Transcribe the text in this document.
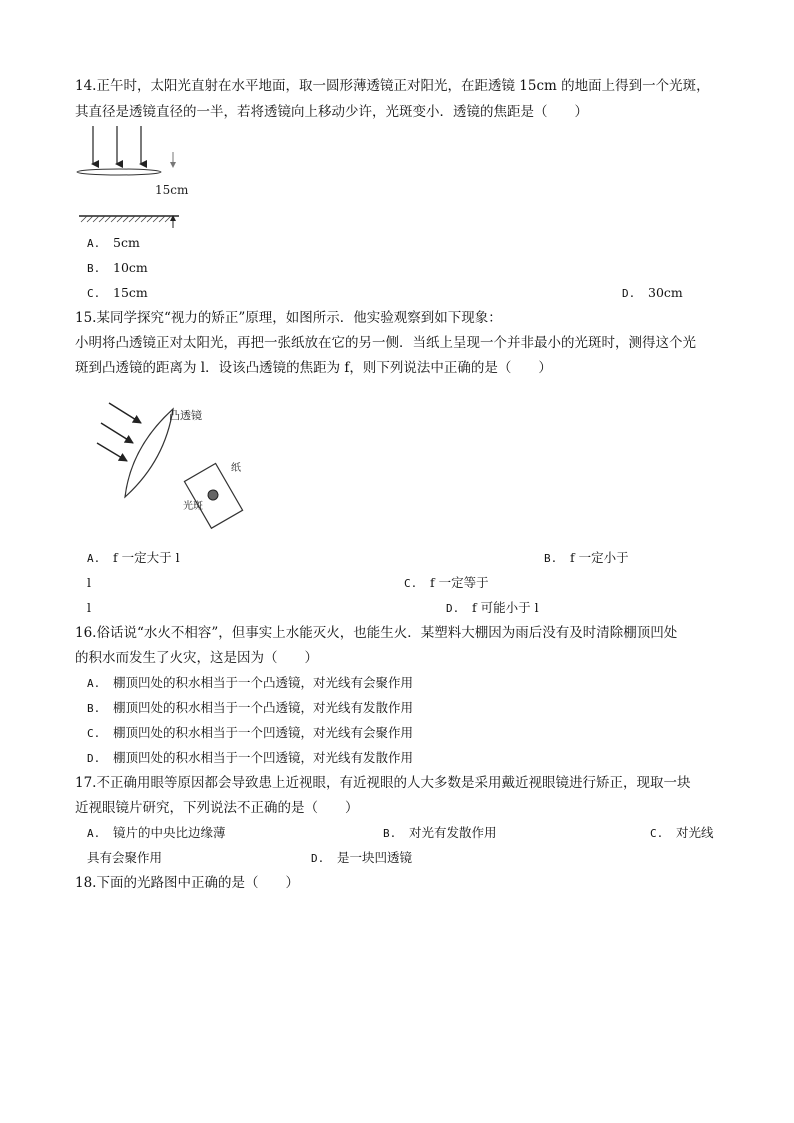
14.正午时，太阳光直射在水平地面，取一圆形薄透镜正对阳光，在距透镜 15cm 的地面上得到一个光斑，
其直径是透镜直径的一半，若将透镜向上移动少许，光斑变小．透镜的焦距是（　　）
15cm
A. 5cm
B. 10cm
C. 15cm	D. 30cm
15.某同学探究“视力的矫正”原理，如图所示．他实验观察到如下现象：
小明将凸透镜正对太阳光，再把一张纸放在它的另一侧．当纸上呈现一个并非最小的光斑时，测得这个光
斑到凸透镜的距离为 l．设该凸透镜的焦距为 f，则下列说法中正确的是（　　）
凸透镜
纸
光斑
A. f 一定大于 l	B. f 一定小于
l	C. f 一定等于
l	D. f 可能小于 l
16.俗话说“水火不相容”，但事实上水能灭火，也能生火．某塑料大棚因为雨后没有及时清除棚顶凹处
的积水而发生了火灾，这是因为（　　）
A. 棚顶凹处的积水相当于一个凸透镜，对光线有会聚作用
B. 棚顶凹处的积水相当于一个凸透镜，对光线有发散作用
C. 棚顶凹处的积水相当于一个凹透镜，对光线有会聚作用
D. 棚顶凹处的积水相当于一个凹透镜，对光线有发散作用
17.不正确用眼等原因都会导致患上近视眼，有近视眼的人大多数是采用戴近视眼镜进行矫正，现取一块
近视眼镜片研究，下列说法不正确的是（　　）
A. 镜片的中央比边缘薄	B. 对光有发散作用	C. 对光线
具有会聚作用	D. 是一块凹透镜
18.下面的光路图中正确的是（　　）
